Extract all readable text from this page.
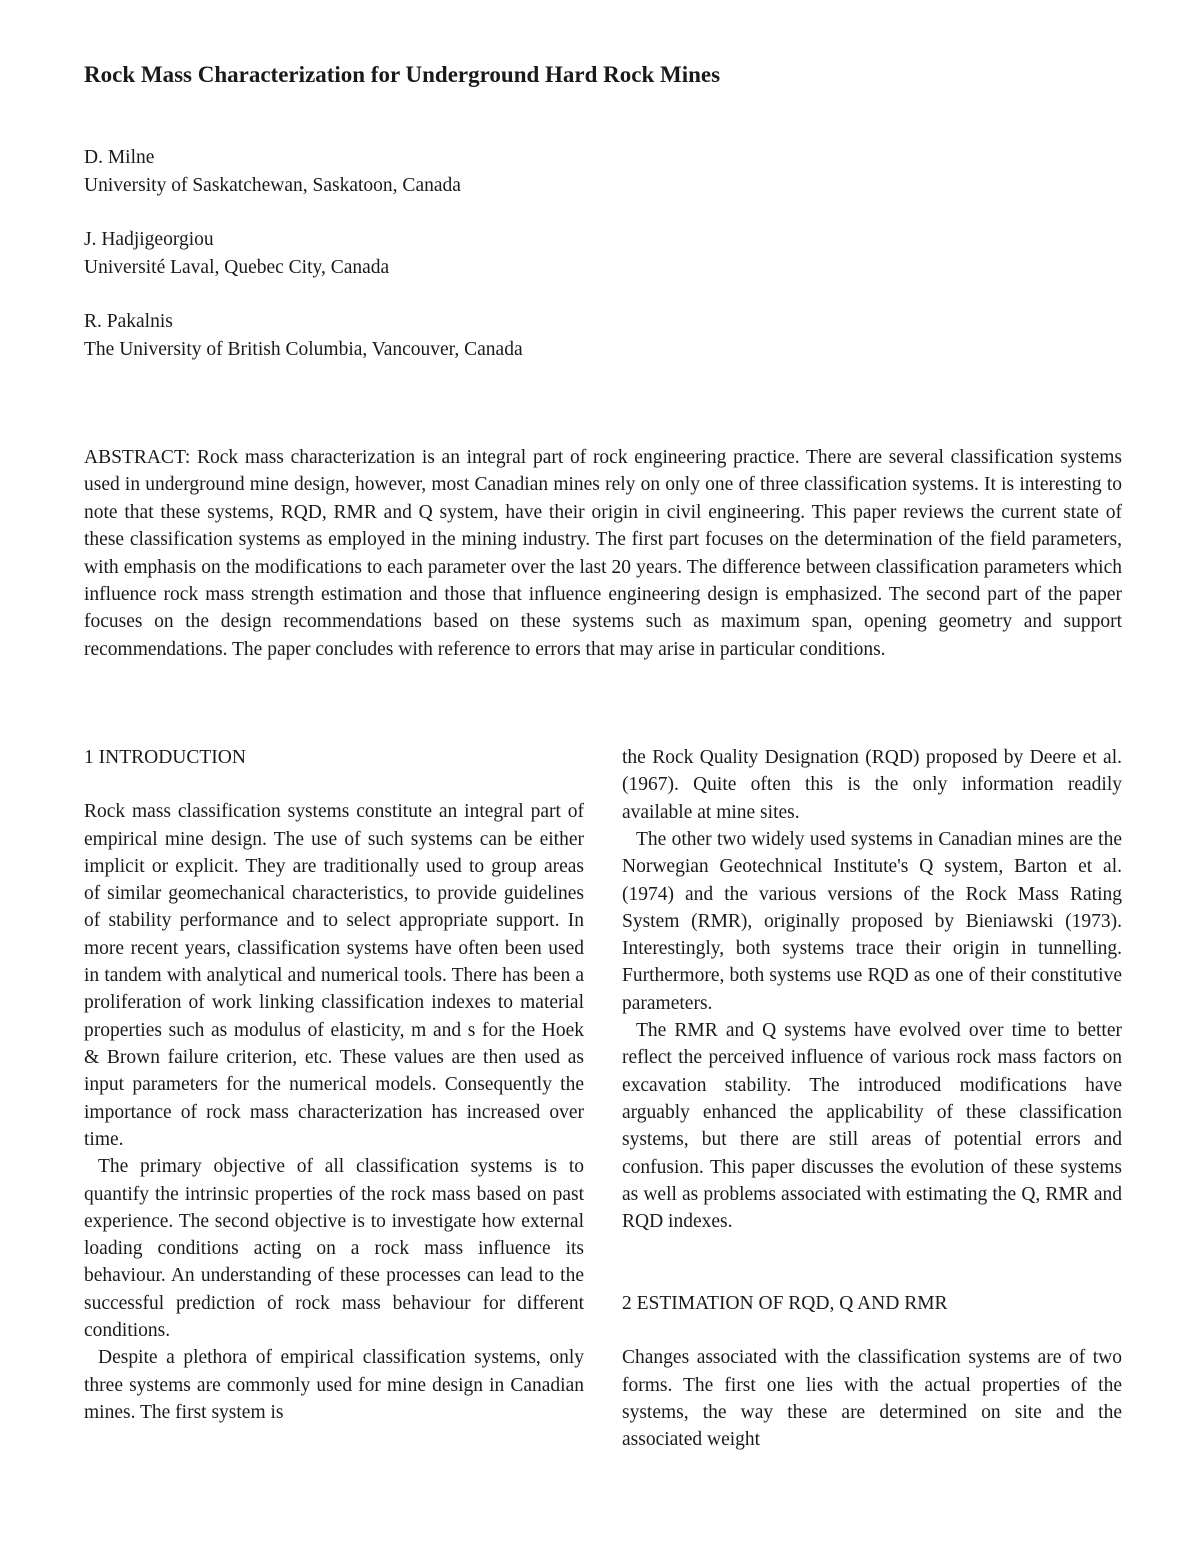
Rock Mass Characterization for Underground Hard Rock Mines
D. Milne
University of Saskatchewan, Saskatoon, Canada
J. Hadjigeorgiou
Université Laval, Quebec City, Canada
R. Pakalnis
The University of British Columbia, Vancouver, Canada

ABSTRACT: Rock mass characterization is an integral part of rock engineering practice. There are several classification systems used in underground mine design, however, most Canadian mines rely on only one of three classification systems. It is interesting to note that these systems, RQD, RMR and Q system, have their origin in civil engineering. This paper reviews the current state of these classification systems as employed in the mining industry. The first part focuses on the determination of the field parameters, with emphasis on the modifications to each parameter over the last 20 years. The difference between classification parameters which influence rock mass strength estimation and those that influence engineering design is emphasized. The second part of the paper focuses on the design recommendations based on these systems such as maximum span, opening geometry and support recommendations. The paper concludes with reference to errors that may arise in particular conditions.

1 INTRODUCTION

Rock mass classification systems constitute an integral part of empirical mine design. The use of such systems can be either implicit or explicit. They are traditionally used to group areas of similar geomechanical characteristics, to provide guidelines of stability performance and to select appropriate support. In more recent years, classification systems have often been used in tandem with analytical and numerical tools. There has been a proliferation of work linking classification indexes to material properties such as modulus of elasticity, m and s for the Hoek & Brown failure criterion, etc. These values are then used as input parameters for the numerical models. Consequently the importance of rock mass characterization has increased over time.

The primary objective of all classification systems is to quantify the intrinsic properties of the rock mass based on past experience. The second objective is to investigate how external loading conditions acting on a rock mass influence its behaviour. An understanding of these processes can lead to the successful prediction of rock mass behaviour for different conditions.

Despite a plethora of empirical classification systems, only three systems are commonly used for mine design in Canadian mines. The first system is

the Rock Quality Designation (RQD) proposed by Deere et al. (1967). Quite often this is the only information readily available at mine sites.

The other two widely used systems in Canadian mines are the Norwegian Geotechnical Institute's Q system, Barton et al. (1974) and the various versions of the Rock Mass Rating System (RMR), originally proposed by Bieniawski (1973). Interestingly, both systems trace their origin in tunnelling. Furthermore, both systems use RQD as one of their constitutive parameters.

The RMR and Q systems have evolved over time to better reflect the perceived influence of various rock mass factors on excavation stability. The introduced modifications have arguably enhanced the applicability of these classification systems, but there are still areas of potential errors and confusion. This paper discusses the evolution of these systems as well as problems associated with estimating the Q, RMR and RQD indexes.

2 ESTIMATION OF RQD, Q AND RMR

Changes associated with the classification systems are of two forms. The first one lies with the actual properties of the systems, the way these are determined on site and the associated weight
